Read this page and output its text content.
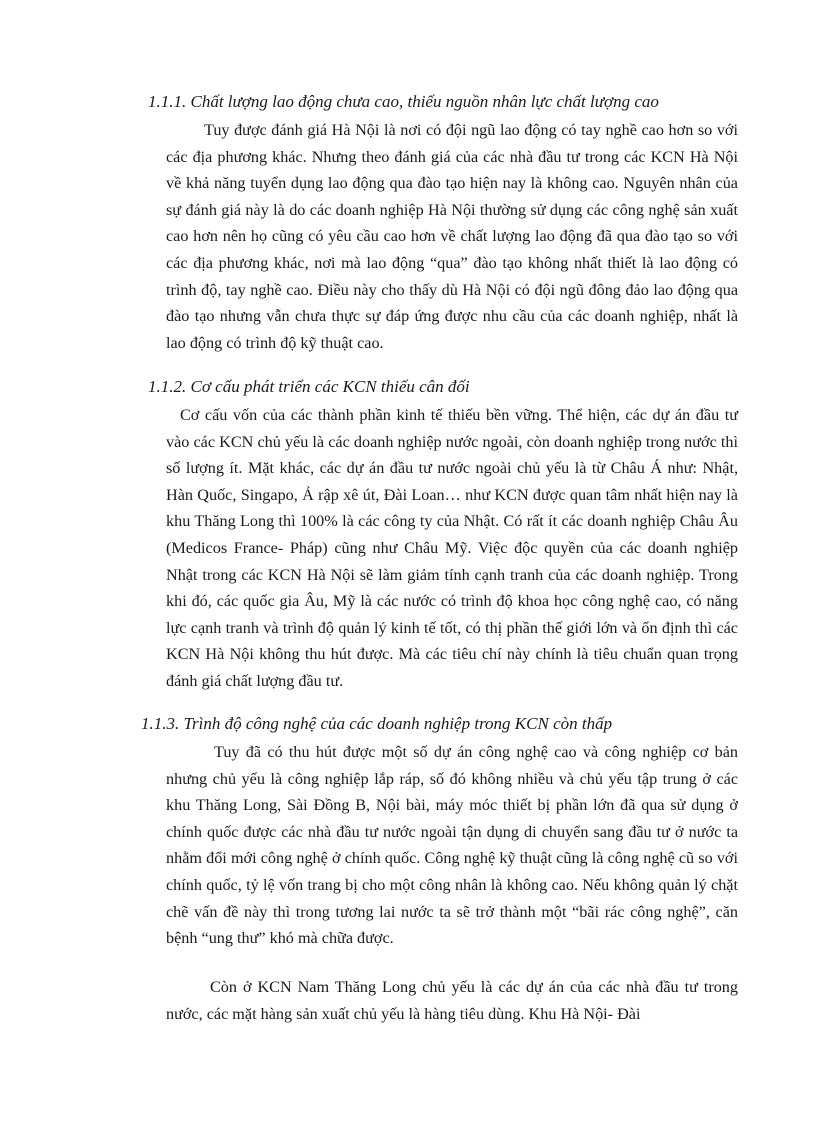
1.1.1. Chất lượng lao động chưa cao, thiếu nguồn nhân lực chất lượng cao

Tuy được đánh giá Hà Nội là nơi có đội ngũ lao động có tay nghề cao hơn so với các địa phương khác. Nhưng theo đánh giá của các nhà đầu tư trong các KCN Hà Nội về khả năng tuyển dụng lao động qua đào tạo hiện nay là không cao. Nguyên nhân của sự đánh giá này là do các doanh nghiệp Hà Nội thường sử dụng các công nghệ sản xuất cao hơn nên họ cũng có yêu cầu cao hơn về chất lượng lao động đã qua đào tạo so với các địa phương khác, nơi mà lao động “qua” đào tạo không nhất thiết là lao động có trình độ, tay nghề cao. Điều này cho thấy dù Hà Nội có đội ngũ đông đảo lao động qua đào tạo nhưng vẫn chưa thực sự đáp ứng được nhu cầu của các doanh nghiệp, nhất là lao động có trình độ kỹ thuật cao.

1.1.2. Cơ cấu phát triển các KCN thiếu cân đối

Cơ cấu vốn của các thành phần kinh tế thiếu bền vững. Thể hiện, các dự án đầu tư vào các KCN chủ yếu là các doanh nghiệp nước ngoài, còn doanh nghiệp trong nước thì số lượng ít. Mặt khác, các dự án đầu tư nước ngoài chủ yếu là từ Châu Á như: Nhật, Hàn Quốc, Singapo, Ả rập xê út, Đài Loan… như KCN được quan tâm nhất hiện nay là khu Thăng Long thì 100% là các công ty của Nhật. Có rất ít các doanh nghiệp Châu Âu (Medicos France- Pháp) cũng như Châu Mỹ. Việc độc quyền của các doanh nghiệp Nhật trong các KCN Hà Nội sẽ làm giảm tính cạnh tranh của các doanh nghiệp. Trong khi đó, các quốc gia Âu, Mỹ là các nước có trình độ khoa học công nghệ cao, có năng lực cạnh tranh và trình độ quản lý kinh tế tốt, có thị phần thế giới lớn và ổn định thì các KCN Hà Nội không thu hút được. Mà các tiêu chí này chính là tiêu chuẩn quan trọng đánh giá chất lượng đầu tư.

1.1.3. Trình độ công nghệ của các doanh nghiệp trong KCN còn thấp

Tuy đã có thu hút được một số dự án công nghệ cao và công nghiệp cơ bản nhưng chủ yếu là công nghiệp lắp ráp, số đó không nhiều và chủ yếu tập trung ở các khu Thăng Long, Sài Đồng B, Nội bài, máy móc thiết bị phần lớn đã qua sử dụng ở chính quốc được các nhà đầu tư nước ngoài tận dụng di chuyển sang đầu tư ở nước ta nhằm đổi mới công nghệ ở chính quốc. Công nghệ kỹ thuật cũng là công nghệ cũ so với chính quốc, tỷ lệ vốn trang bị cho một công nhân là không cao. Nếu không quản lý chặt chẽ vấn đề này thì trong tương lai nước ta sẽ trở thành một “bãi rác công nghệ”, căn bệnh “ung thư” khó mà chữa được.

Còn ở KCN Nam Thăng Long chủ yếu là các dự án của các nhà đầu tư trong nước, các mặt hàng sản xuất chủ yếu là hàng tiêu dùng. Khu Hà Nội- Đài
